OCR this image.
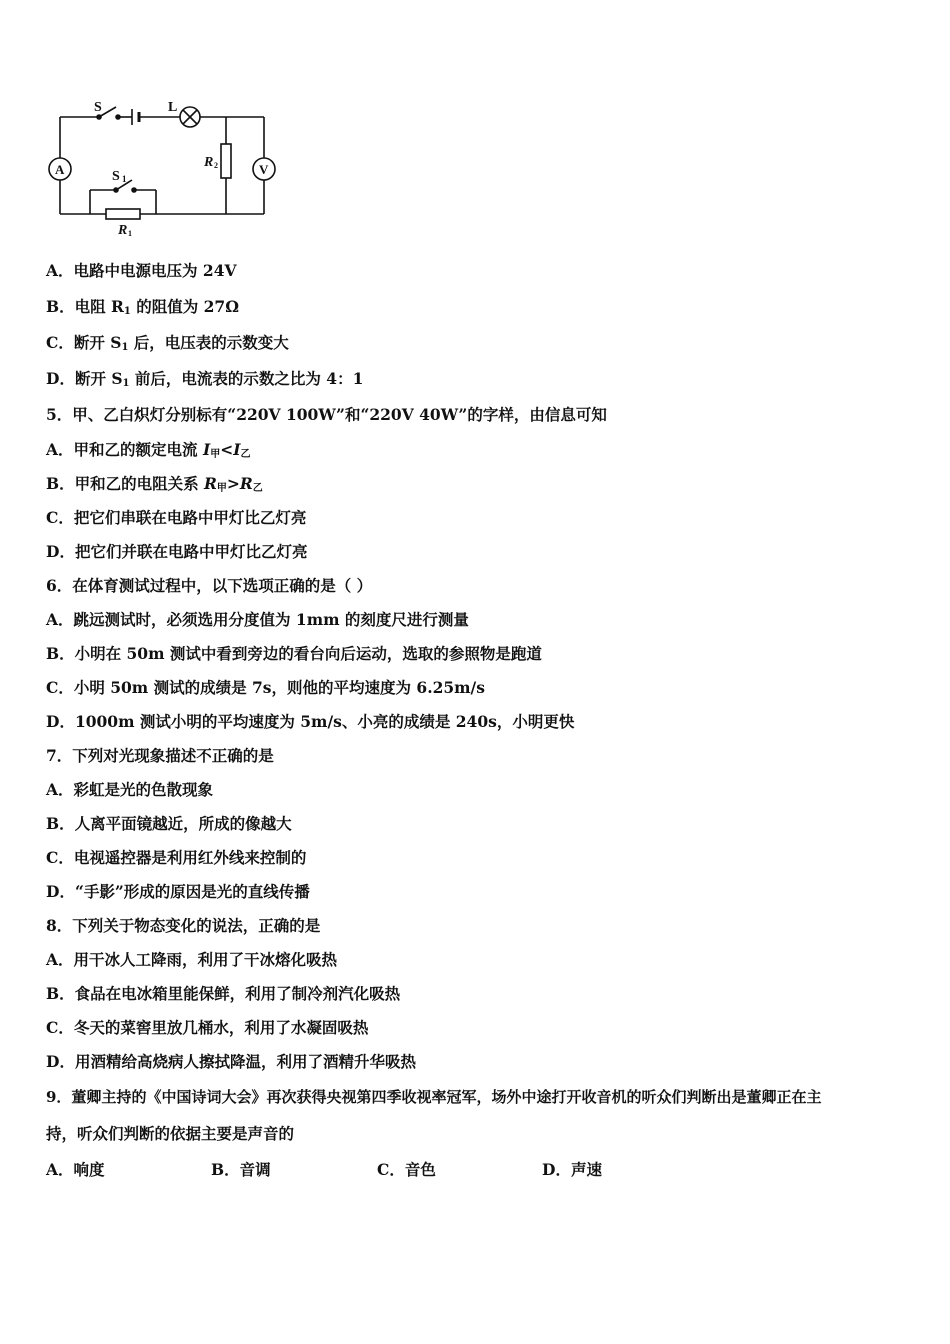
S	L
A	V
S 1
R 1
R 2
A．电路中电源电压为 24V
B．电阻 $R_1$ 的阻值为 27Ω
C．断开 $S_1$ 后，电压表的示数变大
D．断开 $S_1$ 前后，电流表的示数之比为 4：1
5．甲、乙白炽灯分别标有“220V 100W”和“220V 40W”的字样，由信息可知
A．甲和乙的额定电流 $I_甲<I_乙$
B．甲和乙的电阻关系 $R_甲>R_乙$
C．把它们串联在电路中甲灯比乙灯亮
D．把它们并联在电路中甲灯比乙灯亮
6．在体育测试过程中，以下选项正确的是（ ）
A．跳远测试时，必须选用分度值为 1mm 的刻度尺进行测量
B．小明在 50m 测试中看到旁边的看台向后运动，选取的参照物是跑道
C．小明 50m 测试的成绩是 7s，则他的平均速度为 6.25m/s
D．1000m 测试小明的平均速度为 5m/s、小亮的成绩是 240s，小明更快
7．下列对光现象描述不正确的是
A．彩虹是光的色散现象
B．人离平面镜越近，所成的像越大
C．电视遥控器是利用红外线来控制的
D．“手影”形成的原因是光的直线传播
8．下列关于物态变化的说法，正确的是
A．用干冰人工降雨，利用了干冰熔化吸热
B．食品在电冰箱里能保鲜，利用了制冷剂汽化吸热
C．冬天的菜窖里放几桶水，利用了水凝固吸热
D．用酒精给高烧病人擦拭降温，利用了酒精升华吸热
9．董卿主持的《中国诗词大会》再次获得央视第四季收视率冠军，场外中途打开收音机的听众们判断出是董卿正在主
持，听众们判断的依据主要是声音的
A．响度	B．音调	C．音色	D．声速
